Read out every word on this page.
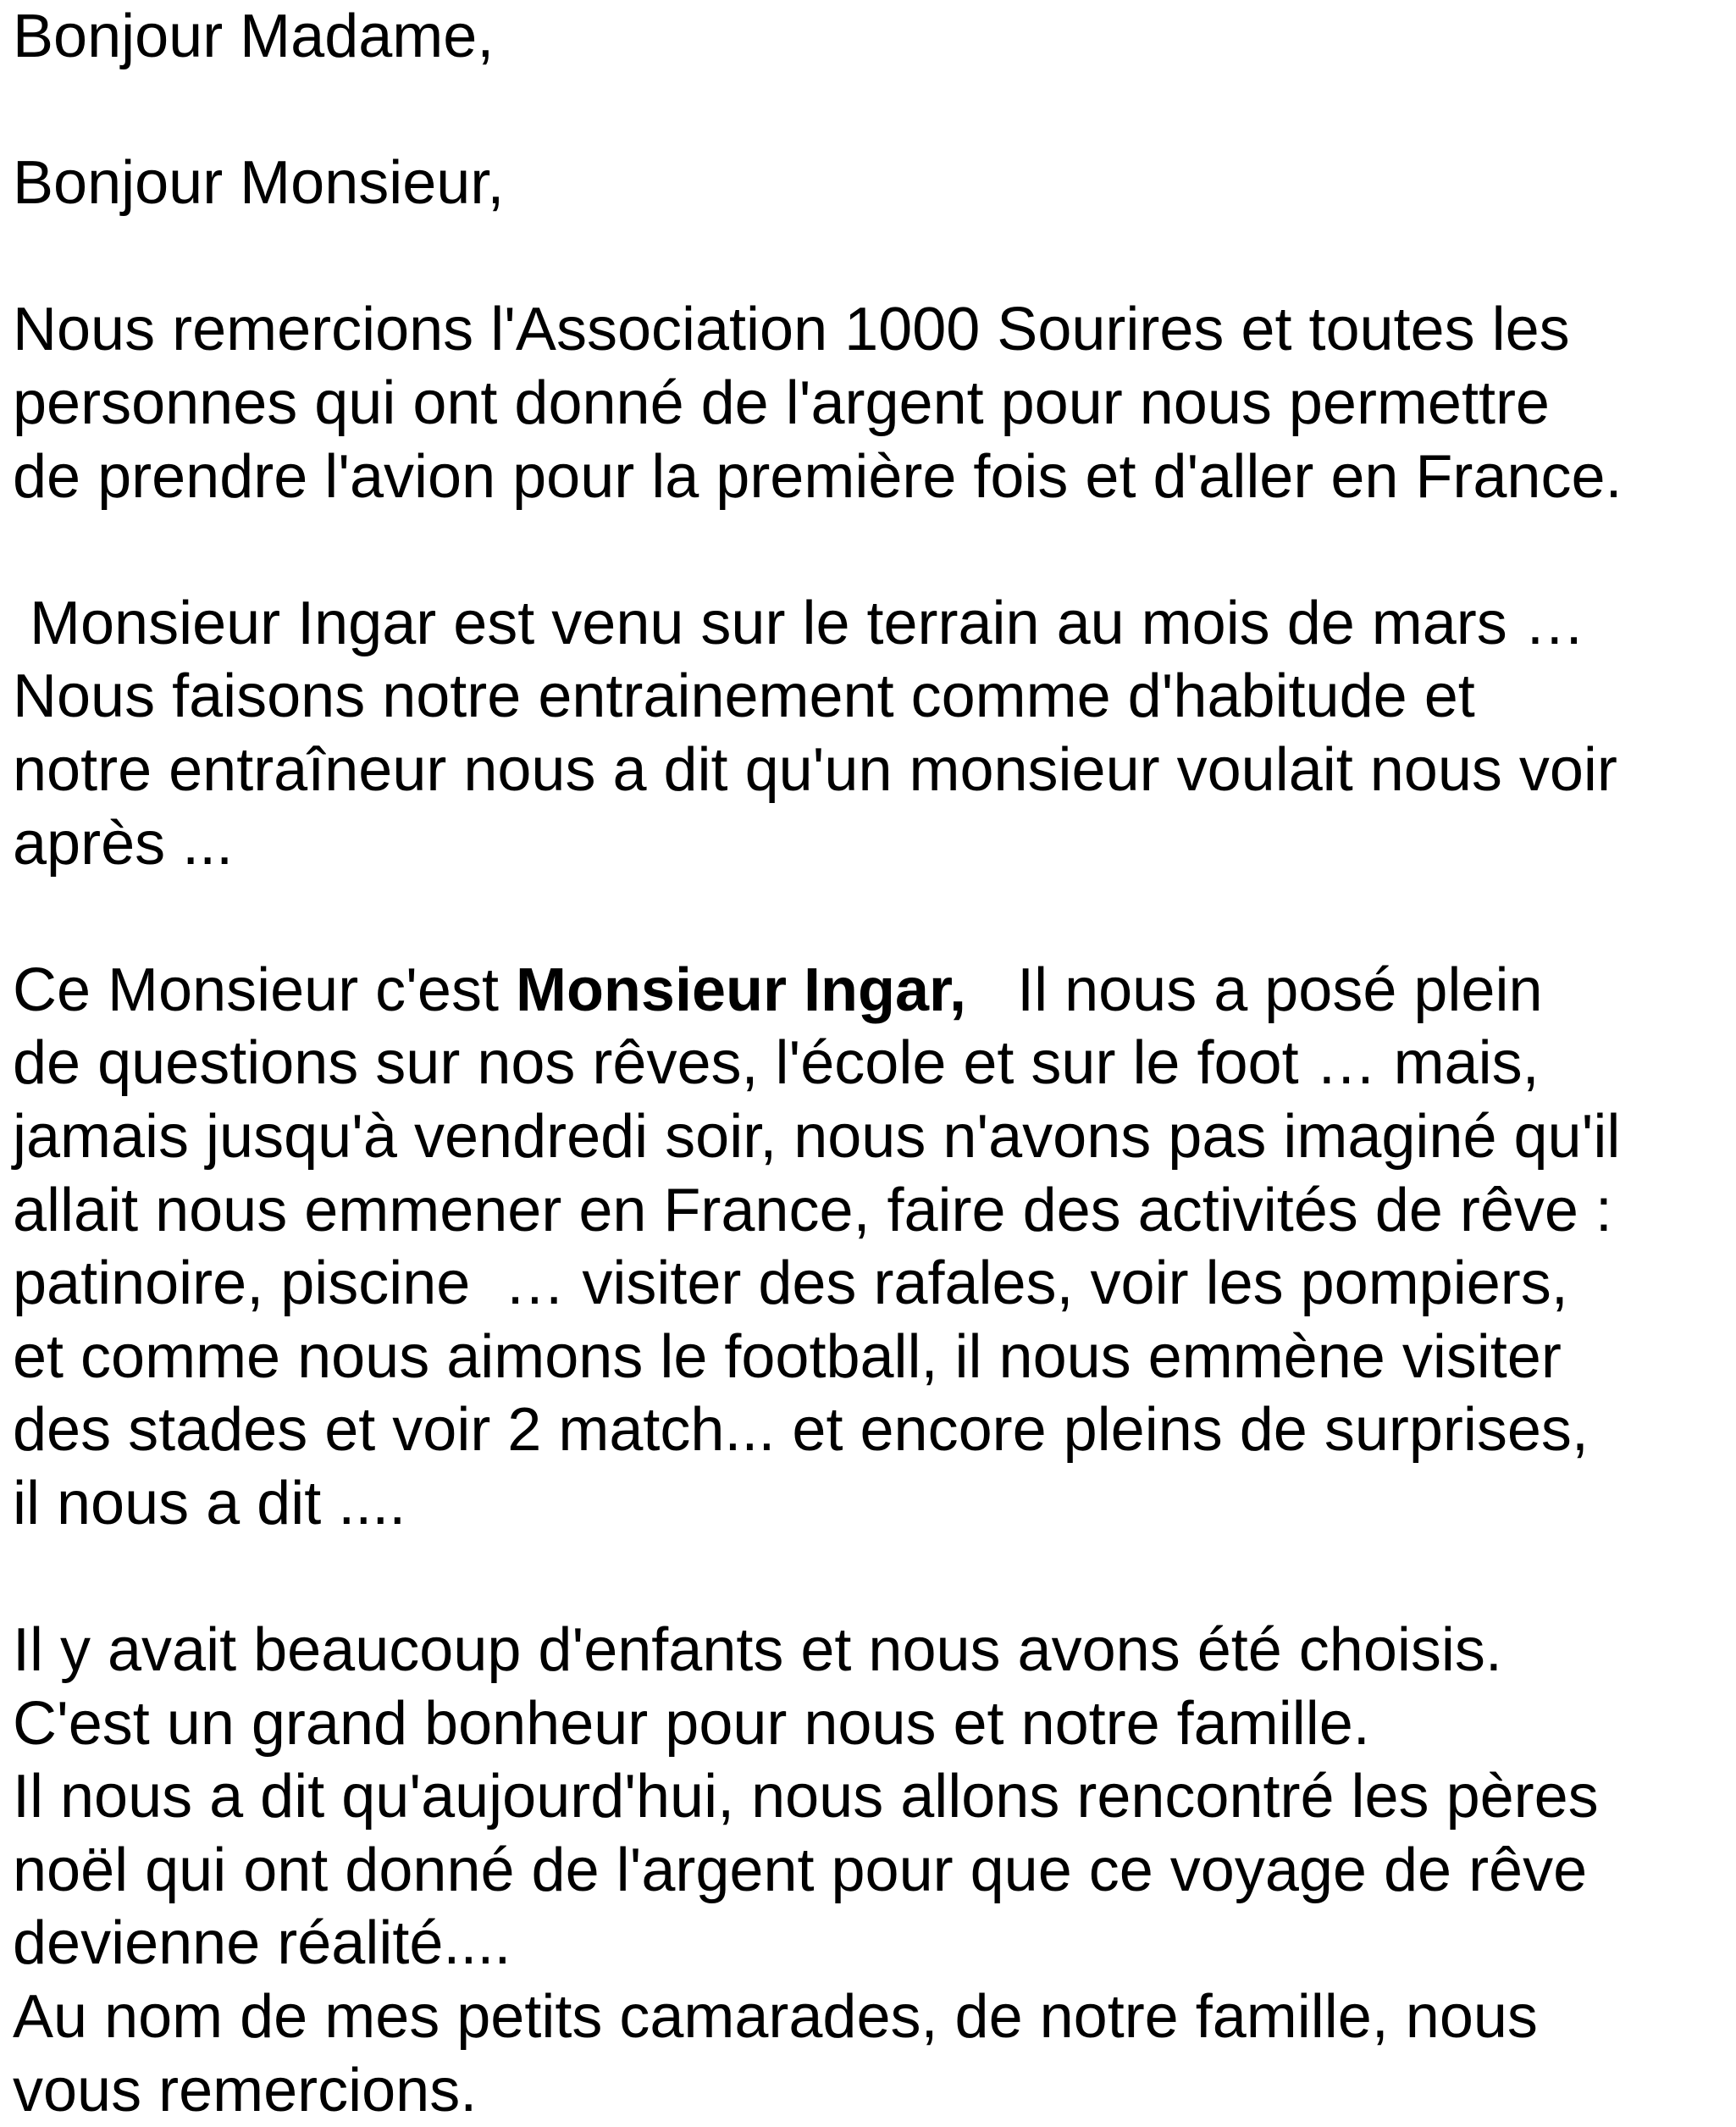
Bonjour Madame,
Bonjour Monsieur,
Nous remercions l'Association 1000 Sourires et toutes les
personnes qui ont donné de l'argent pour nous permettre
de prendre l'avion pour la première fois et d'aller en France.
Monsieur Ingar est venu sur le terrain au mois de mars …
Nous faisons notre entrainement comme d'habitude et
notre entraîneur nous a dit qu'un monsieur voulait nous voir
après ...
Ce Monsieur c'est Monsieur Ingar,   Il nous a posé plein
de questions sur nos rêves, l'école et sur le foot … mais,
jamais jusqu'à vendredi soir, nous n'avons pas imaginé qu'il
allait nous emmener en France, faire des activités de rêve :
patinoire, piscine  … visiter des rafales, voir les pompiers,
et comme nous aimons le football, il nous emmène visiter
des stades et voir 2 match... et encore pleins de surprises,
il nous a dit ....
Il y avait beaucoup d'enfants et nous avons été choisis.
C'est un grand bonheur pour nous et notre famille.
Il nous a dit qu'aujourd'hui, nous allons rencontré les pères
noël qui ont donné de l'argent pour que ce voyage de rêve
devienne réalité....
Au nom de mes petits camarades, de notre famille, nous
vous remercions.
